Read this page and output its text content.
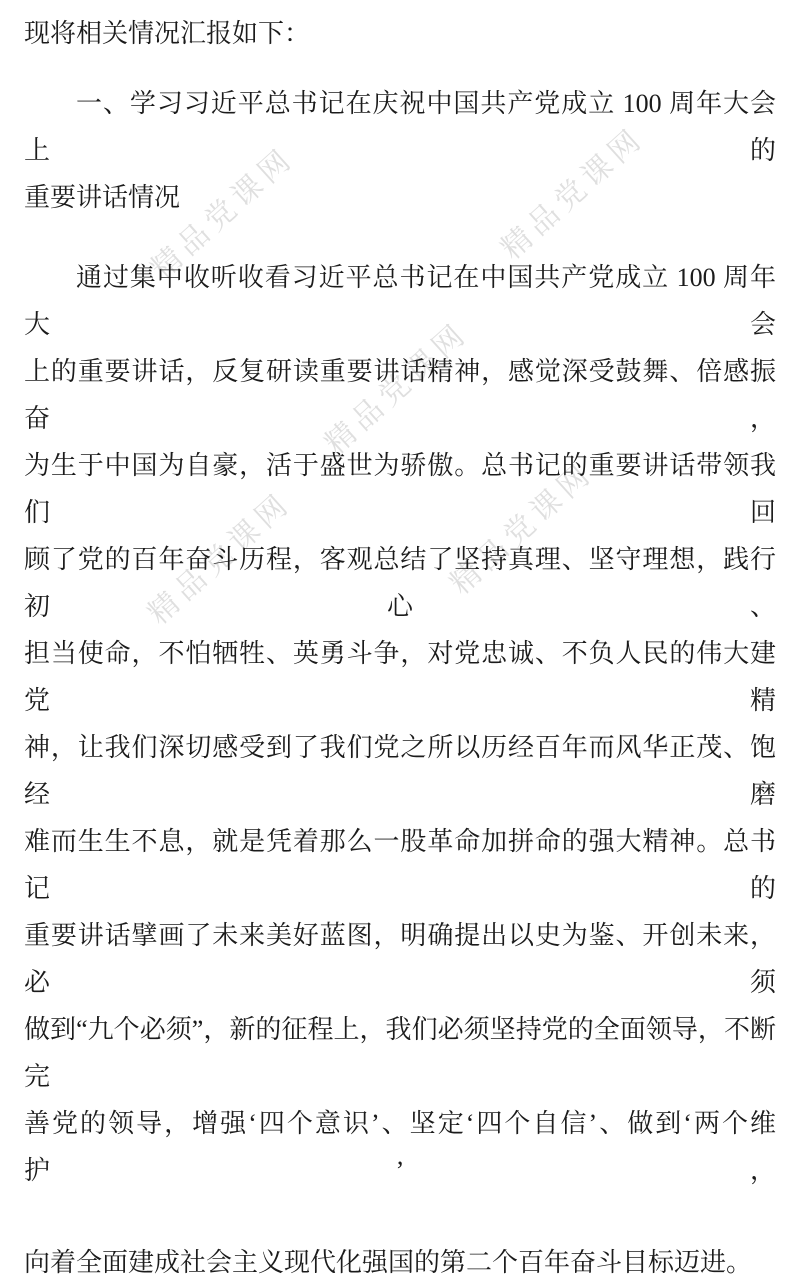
精品党课网	精品党课网
精品党课网
精品党课网	精品党课网

现将相关情况汇报如下：

一、学习习近平总书记在庆祝中国共产党成立 100 周年大会上的
重要讲话情况
通过集中收听收看习近平总书记在中国共产党成立 100 周年大会
上的重要讲话，反复研读重要讲话精神，感觉深受鼓舞、倍感振奋，
为生于中国为自豪，活于盛世为骄傲。总书记的重要讲话带领我们回
顾了党的百年奋斗历程，客观总结了坚持真理、坚守理想，践行初心、
担当使命，不怕牺牲、英勇斗争，对党忠诚、不负人民的伟大建党精
神，让我们深切感受到了我们党之所以历经百年而风华正茂、饱经磨
难而生生不息，就是凭着那么一股革命加拼命的强大精神。总书记的
重要讲话擘画了未来美好蓝图，明确提出以史为鉴、开创未来，必须
做到“九个必须”，新的征程上，我们必须坚持党的全面领导，不断完
善党的领导，增强‘四个意识’、坚定‘四个自信’、做到‘两个维护’，

向着全面建成社会主义现代化强国的第二个百年奋斗目标迈进。
